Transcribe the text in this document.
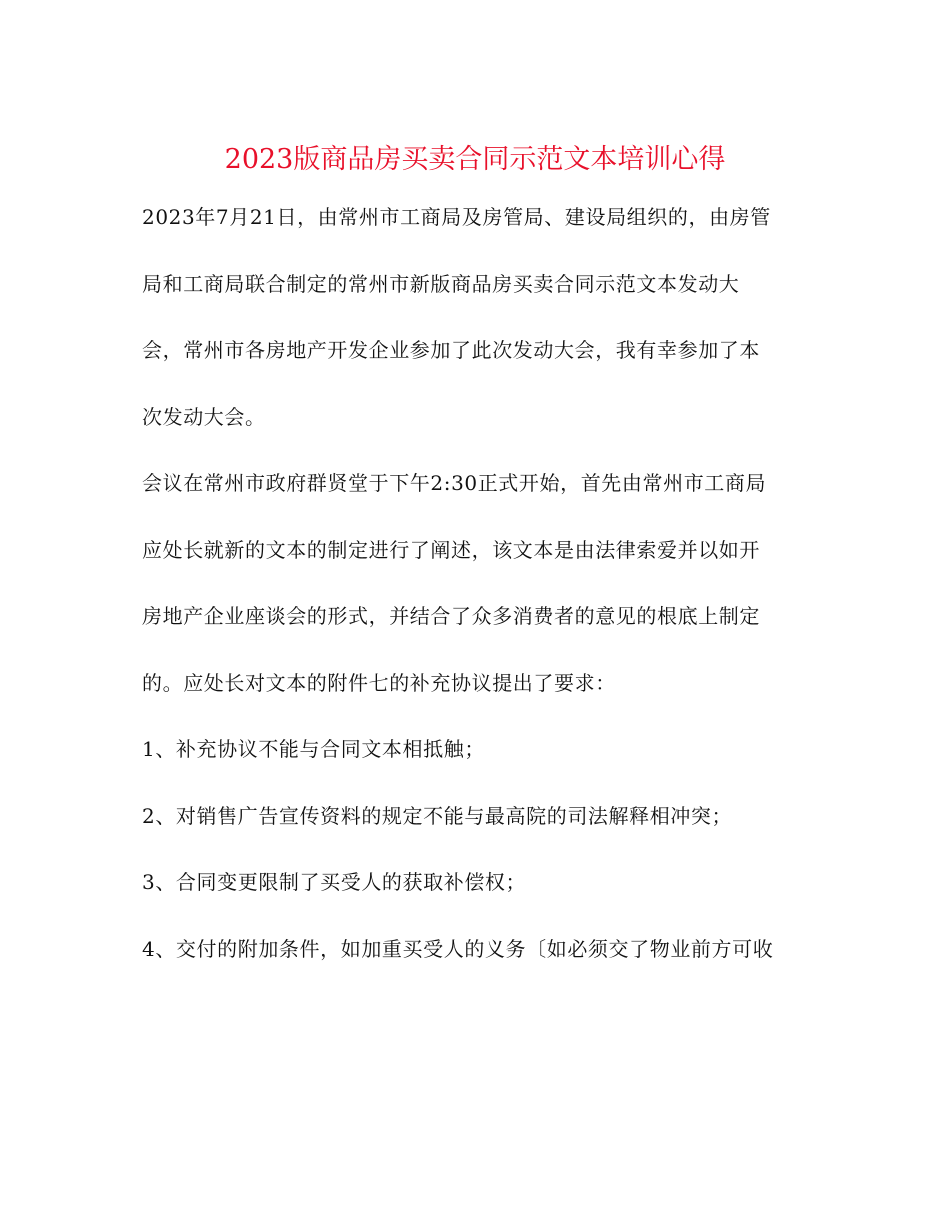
2023版商品房买卖合同示范文本培训心得
2023年7月21日，由常州市工商局及房管局、建设局组织的，由房管
局和工商局联合制定的常州市新版商品房买卖合同示范文本发动大
会，常州市各房地产开发企业参加了此次发动大会，我有幸参加了本
次发动大会。
会议在常州市政府群贤堂于下午2:30正式开始，首先由常州市工商局
应处长就新的文本的制定进行了阐述，该文本是由法律索爱并以如开
房地产企业座谈会的形式，并结合了众多消费者的意见的根底上制定
的。应处长对文本的附件七的补充协议提出了要求：
1、补充协议不能与合同文本相抵触；
2、对销售广告宣传资料的规定不能与最高院的司法解释相冲突；
3、合同变更限制了买受人的获取补偿权；
4、交付的附加条件，如加重买受人的义务〔如必须交了物业前方可收
